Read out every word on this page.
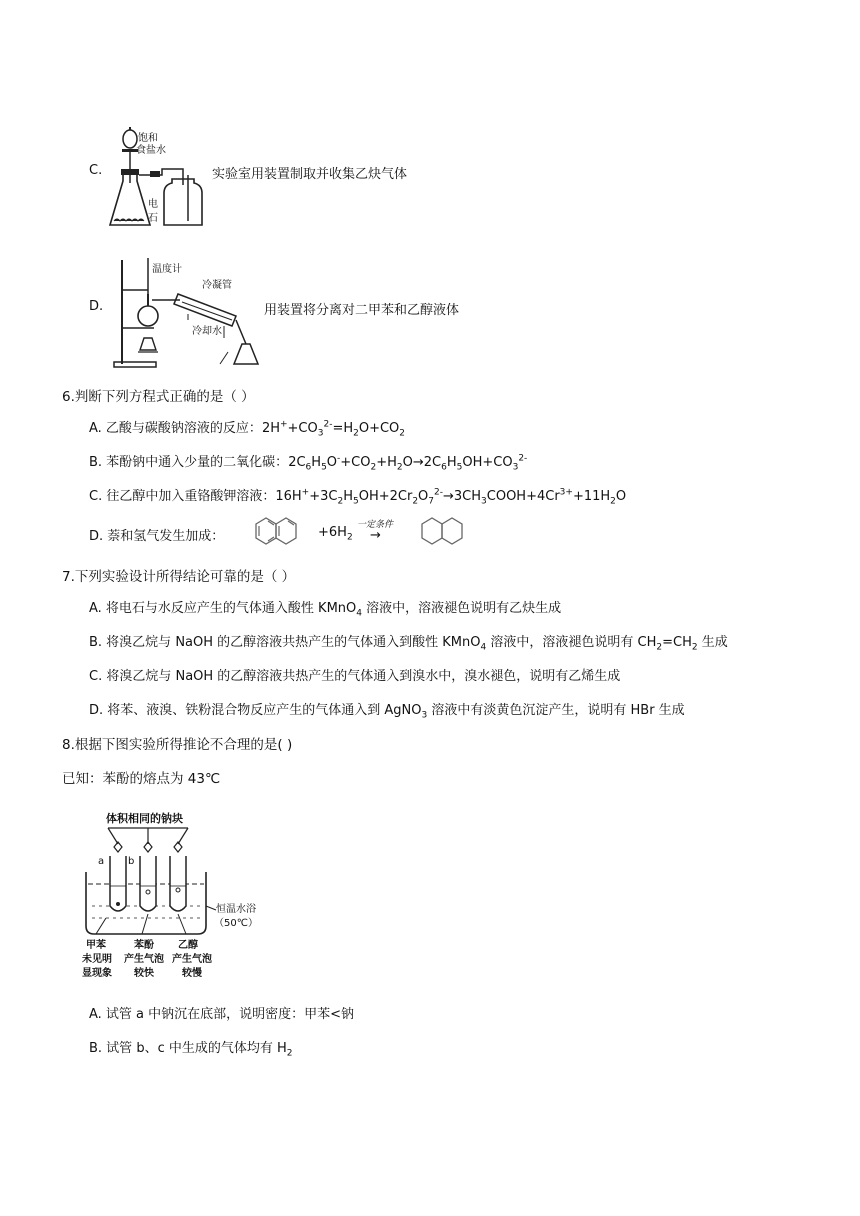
C.
饱和
食盐水
电
石
实验室用装置制取并收集乙炔气体
D.
温度计
冷凝管
冷却水
用装置将分离对二甲苯和乙醇液体
6.判断下列方程式正确的是（ ）
A. 乙酸与碳酸钠溶液的反应：$2H^++CO_3^{2-}=H_2O+CO_2$
B. 苯酚钠中通入少量的二氧化碳：$2C_6H_5O^-+CO_2+H_2O\to 2C_6H_5OH+CO_3^{2-}$
C. 往乙醇中加入重铬酸钾溶液：$16H^++3C_2H_5OH+2Cr_2O_7^{2-}\to 3CH_3COOH+4Cr^{3+}+11H_2O$
D. 萘和氢气发生加成：	$+6H_2$
一定条件
→
7.下列实验设计所得结论可靠的是（ ）
A. 将电石与水反应产生的气体通入酸性 KMnO$_4$ 溶液中，溶液褪色说明有乙炔生成
B. 将溴乙烷与 NaOH 的乙醇溶液共热产生的气体通入到酸性 KMnO$_4$ 溶液中，溶液褪色说明有 $CH_2=CH_2$ 生成
C. 将溴乙烷与 NaOH 的乙醇溶液共热产生的气体通入到溴水中，溴水褪色，说明有乙烯生成
D. 将苯、液溴、铁粉混合物反应产生的气体通入到 AgNO$_3$ 溶液中有淡黄色沉淀产生，说明有 HBr 生成
8.根据下图实验所得推论不合理的是( )
已知：苯酚的熔点为 43℃
体积相同的钠块
a b
恒温水浴
（50℃）
甲苯	苯酚 乙醇
未见明 产生气泡 产生气泡
显现象 较快	较慢
A. 试管 a 中钠沉在底部，说明密度：甲苯<钠
B. 试管 b、c 中生成的气体均有 $H_2$
